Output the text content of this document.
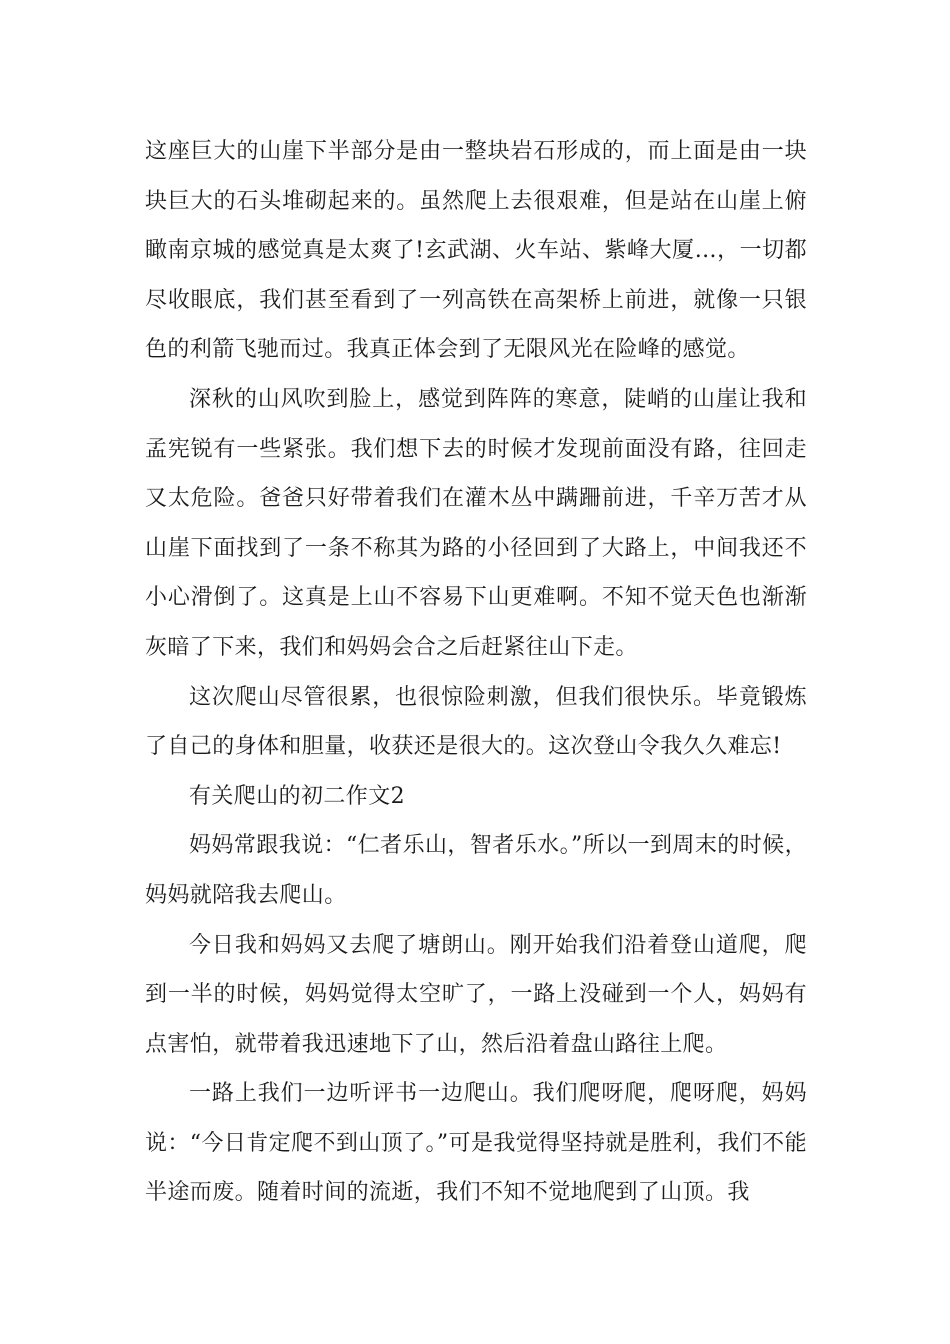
这座巨大的山崖下半部分是由一整块岩石形成的，而上面是由一块块巨大的石头堆砌起来的。虽然爬上去很艰难，但是站在山崖上俯瞰南京城的感觉真是太爽了!玄武湖、火车站、紫峰大厦…，一切都尽收眼底，我们甚至看到了一列高铁在高架桥上前进，就像一只银色的利箭飞驰而过。我真正体会到了无限风光在险峰的感觉。

深秋的山风吹到脸上，感觉到阵阵的寒意，陡峭的山崖让我和孟宪锐有一些紧张。我们想下去的时候才发现前面没有路，往回走又太危险。爸爸只好带着我们在灌木丛中蹒跚前进，千辛万苦才从山崖下面找到了一条不称其为路的小径回到了大路上，中间我还不小心滑倒了。这真是上山不容易下山更难啊。不知不觉天色也渐渐灰暗了下来，我们和妈妈会合之后赶紧往山下走。

这次爬山尽管很累，也很惊险刺激，但我们很快乐。毕竟锻炼了自己的身体和胆量，收获还是很大的。这次登山令我久久难忘!

有关爬山的初二作文2

妈妈常跟我说：“仁者乐山，智者乐水。”所以一到周末的时候，妈妈就陪我去爬山。

今日我和妈妈又去爬了塘朗山。刚开始我们沿着登山道爬，爬到一半的时候，妈妈觉得太空旷了，一路上没碰到一个人，妈妈有点害怕，就带着我迅速地下了山，然后沿着盘山路往上爬。

一路上我们一边听评书一边爬山。我们爬呀爬，爬呀爬，妈妈说：“今日肯定爬不到山顶了。”可是我觉得坚持就是胜利，我们不能半途而废。随着时间的流逝，我们不知不觉地爬到了山顶。我
